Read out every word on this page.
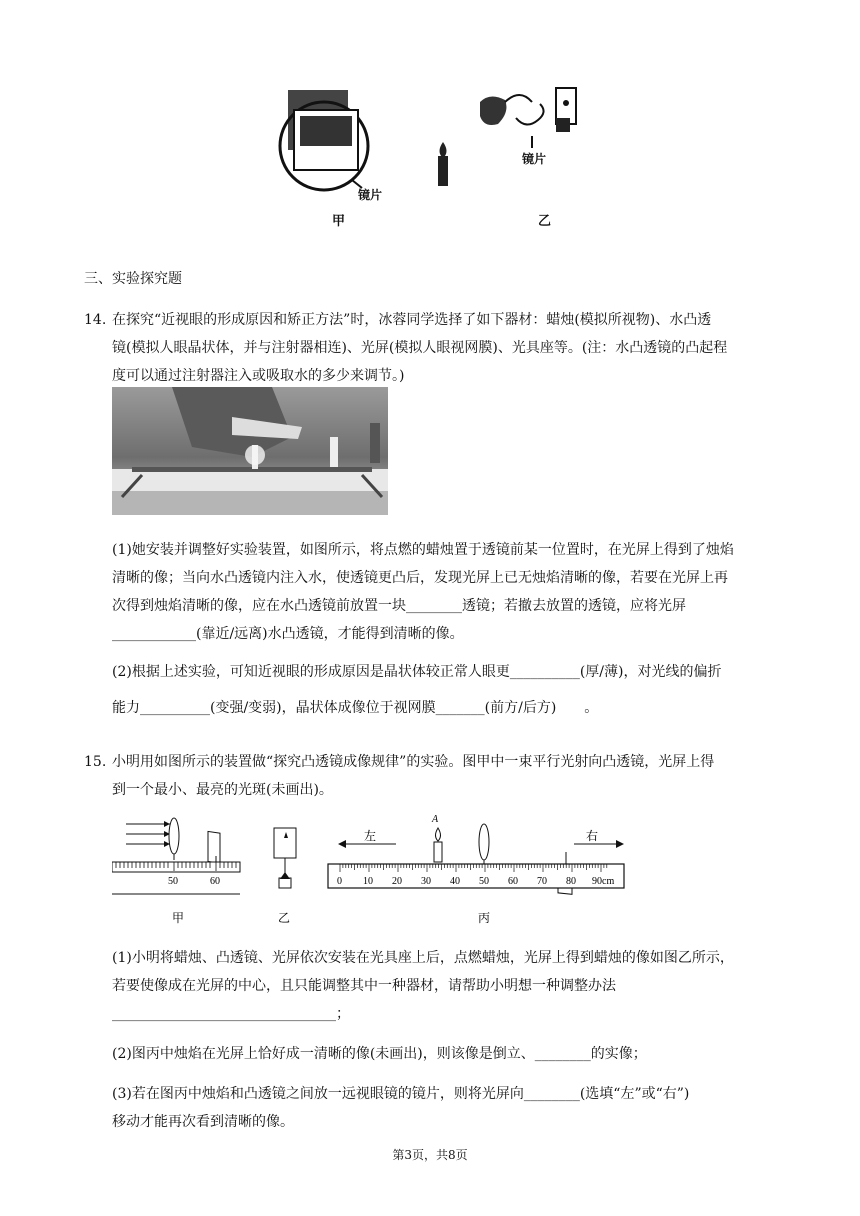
镜片
镜片
甲	乙
三、实验探究题
14. 在探究“近视眼的形成原因和矫正方法”时，冰蓉同学选择了如下器材：蜡烛(模拟所视物)、水凸透
镜(模拟人眼晶状体，并与注射器相连)、光屏(模拟人眼视网膜)、光具座等。(注：水凸透镜的凸起程
度可以通过注射器注入或吸取水的多少来调节。)
(1)她安装并调整好实验装置，如图所示，将点燃的蜡烛置于透镜前某一位置时，在光屏上得到了烛焰
清晰的像；当向水凸透镜内注入水，使透镜更凸后，发现光屏上已无烛焰清晰的像，若要在光屏上再
次得到烛焰清晰的像，应在水凸透镜前放置一块________透镜；若撤去放置的透镜，应将光屏
____________(靠近/远离)水凸透镜，才能得到清晰的像。
(2)根据上述实验，可知近视眼的形成原因是晶状体较正常人眼更__________(厚/薄)，对光线的偏折
能力__________(变强/变弱)，晶状体成像位于视网膜_______(前方/后方)　　。
15. 小明用如图所示的装置做“探究凸透镜成像规律”的实验。图甲中一束平行光射向凸透镜，光屏上得
到一个最小、最亮的光斑(未画出)。
50	60
左	右
A
0 10 20 30 40 50 60 70 80 90cm
甲	乙	丙
(1)小明将蜡烛、凸透镜、光屏依次安装在光具座上后，点燃蜡烛，光屏上得到蜡烛的像如图乙所示，
若要使像成在光屏的中心，且只能调整其中一种器材，请帮助小明想一种调整办法
________________________________；
(2)图丙中烛焰在光屏上恰好成一清晰的像(未画出)，则该像是倒立、________的实像；
(3)若在图丙中烛焰和凸透镜之间放一远视眼镜的镜片，则将光屏向________(选填“左”或“右”)
移动才能再次看到清晰的像。
第3页，共8页
